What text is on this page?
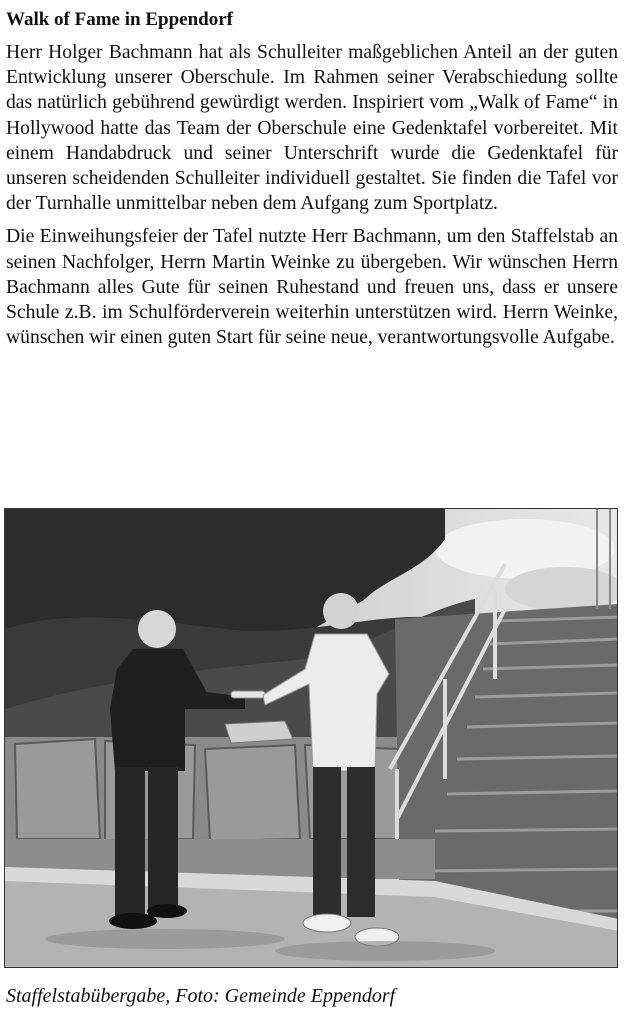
Walk of Fame in Eppendorf

Herr Holger Bachmann hat als Schulleiter maßgeblichen Anteil an der guten Entwicklung unserer Oberschule. Im Rahmen seiner Verabschiedung sollte das natürlich gebührend gewürdigt werden. Inspiriert vom „Walk of Fame“ in Hollywood hatte das Team der Oberschule eine Gedenktafel vorbereitet. Mit einem Handabdruck und seiner Unterschrift wurde die Gedenktafel für unseren scheidenden Schulleiter individuell gestaltet. Sie finden die Tafel vor der Turnhalle unmittelbar neben dem Aufgang zum Sportplatz.

Die Einweihungsfeier der Tafel nutzte Herr Bachmann, um den Staffelstab an seinen Nachfolger, Herrn Martin Weinke zu übergeben. Wir wünschen Herrn Bachmann alles Gute für seinen Ruhestand und freuen uns, dass er unsere Schule z.B. im Schulförderverein weiterhin unterstützen wird. Herrn Weinke, wünschen wir einen guten Start für seine neue, verantwortungsvolle Aufgabe.

Staffelstabübergabe, Foto: Gemeinde Eppendorf
